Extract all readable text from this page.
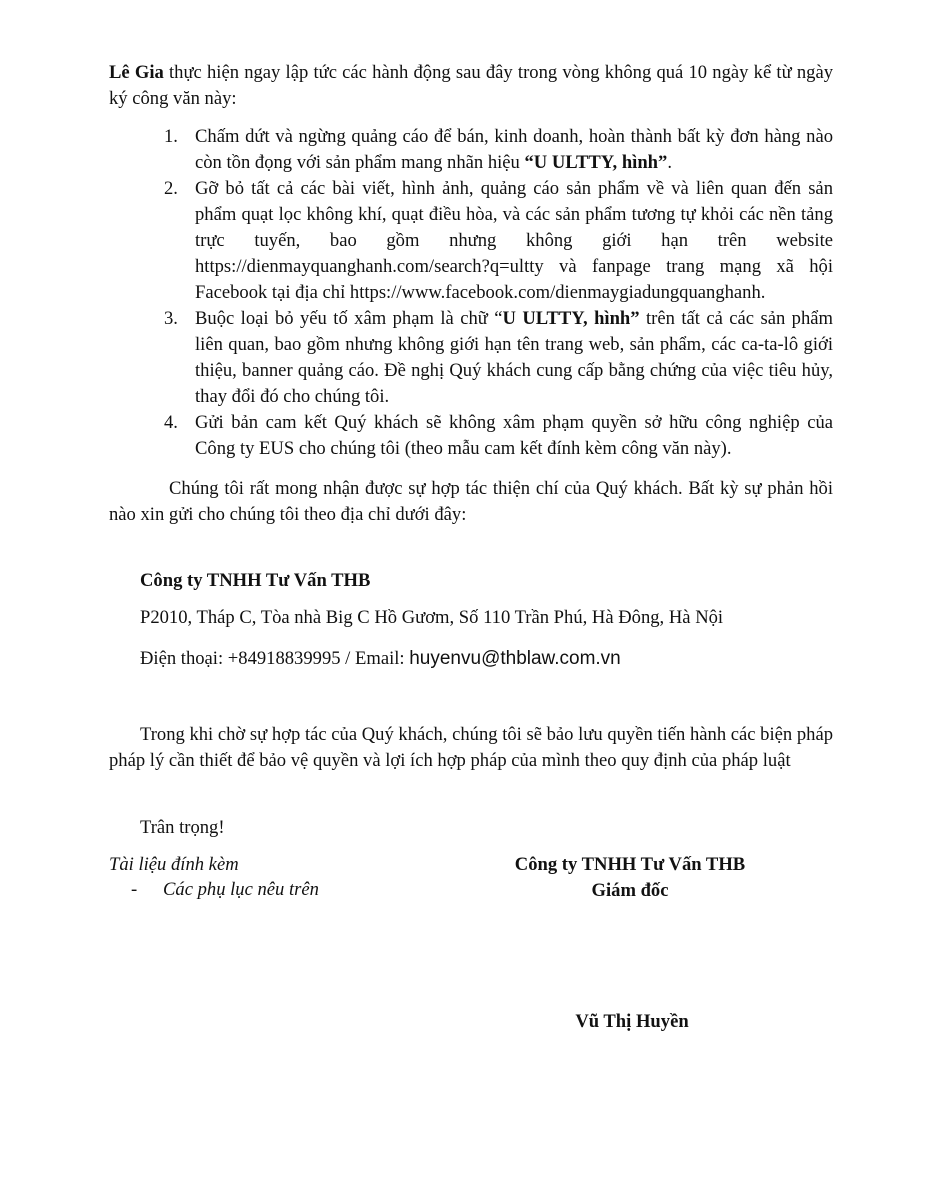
Lê Gia thực hiện ngay lập tức các hành động sau đây trong vòng không quá 10 ngày kể từ ngày ký công văn này:

1. Chấm dứt và ngừng quảng cáo để bán, kinh doanh, hoàn thành bất kỳ đơn hàng nào còn tồn đọng với sản phẩm mang nhãn hiệu “U ULTTY, hình”.
2. Gỡ bỏ tất cả các bài viết, hình ảnh, quảng cáo sản phẩm về và liên quan đến sản phẩm quạt lọc không khí, quạt điều hòa, và các sản phẩm tương tự khỏi các nền tảng trực tuyến, bao gồm nhưng không giới hạn trên website https://dienmayquanghanh.com/search?q=ultty và fanpage trang mạng xã hội Facebook tại địa chỉ https://www.facebook.com/dienmaygiadungquanghanh.
3. Buộc loại bỏ yếu tố xâm phạm là chữ “U ULTTY, hình” trên tất cả các sản phẩm liên quan, bao gồm nhưng không giới hạn tên trang web, sản phẩm, các ca-ta-lô giới thiệu, banner quảng cáo. Đề nghị Quý khách cung cấp bằng chứng của việc tiêu hủy, thay đổi đó cho chúng tôi.
4. Gửi bản cam kết Quý khách sẽ không xâm phạm quyền sở hữu công nghiệp của Công ty EUS cho chúng tôi (theo mẫu cam kết đính kèm công văn này).

Chúng tôi rất mong nhận được sự hợp tác thiện chí của Quý khách. Bất kỳ sự phản hồi nào xin gửi cho chúng tôi theo địa chỉ dưới đây:

Công ty TNHH Tư Vấn THB
P2010, Tháp C, Tòa nhà Big C Hồ Gươm, Số 110 Trần Phú, Hà Đông, Hà Nội
Điện thoại: +84918839995 / Email: huyenvu@thblaw.com.vn

Trong khi chờ sự hợp tác của Quý khách, chúng tôi sẽ bảo lưu quyền tiến hành các biện pháp pháp lý cần thiết để bảo vệ quyền và lợi ích hợp pháp của mình theo quy định của pháp luật

Trân trọng!
Tài liệu đính kèm
- Các phụ lục nêu trên
Công ty TNHH Tư Vấn THB
Giám đốc
Vũ Thị Huyền
